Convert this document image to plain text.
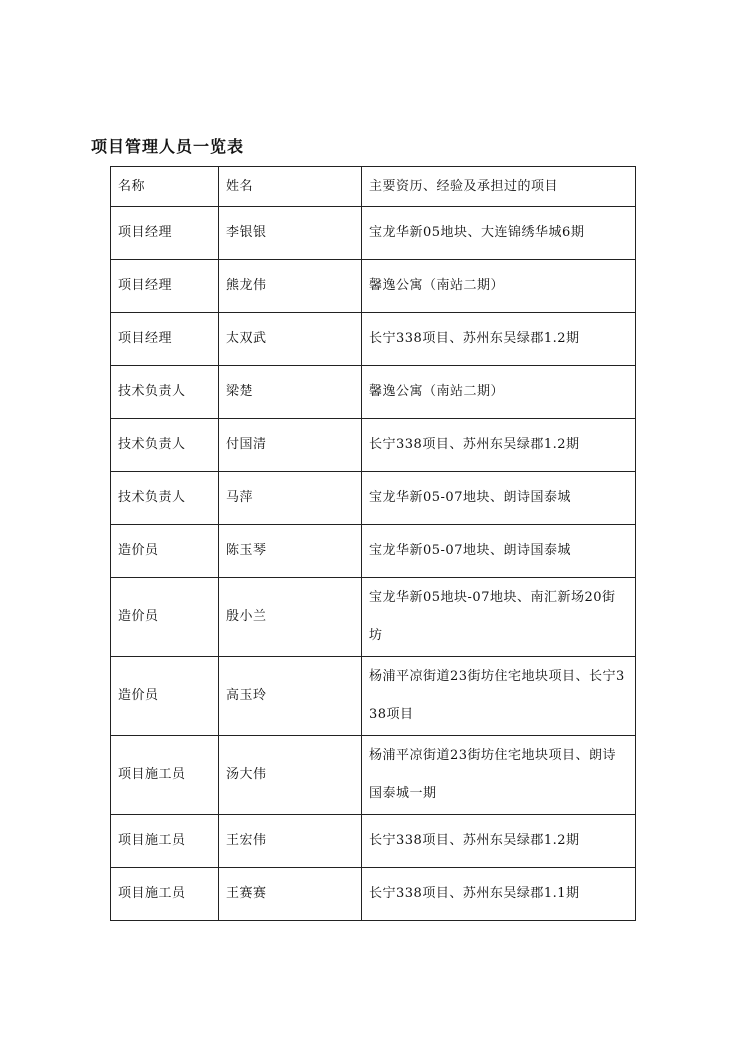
项目管理人员一览表
名称	姓名	主要资历、经验及承担过的项目
项目经理	李银银	宝龙华新05地块、大连锦绣华城6期
项目经理	熊龙伟	馨逸公寓（南站二期）
项目经理	太双武	长宁338项目、苏州东吴绿郡1.2期
技术负责人	梁楚	馨逸公寓（南站二期）
技术负责人	付国清	长宁338项目、苏州东吴绿郡1.2期
技术负责人	马萍	宝龙华新05-07地块、朗诗国泰城
造价员	陈玉琴	宝龙华新05-07地块、朗诗国泰城
造价员	殷小兰	宝龙华新05地块-07地块、南汇新场20街坊
造价员	高玉玲	杨浦平凉街道23街坊住宅地块项目、长宁338项目
项目施工员	汤大伟	杨浦平凉街道23街坊住宅地块项目、朗诗国泰城一期
项目施工员	王宏伟	长宁338项目、苏州东吴绿郡1.2期
项目施工员	王赛赛	长宁338项目、苏州东吴绿郡1.1期
